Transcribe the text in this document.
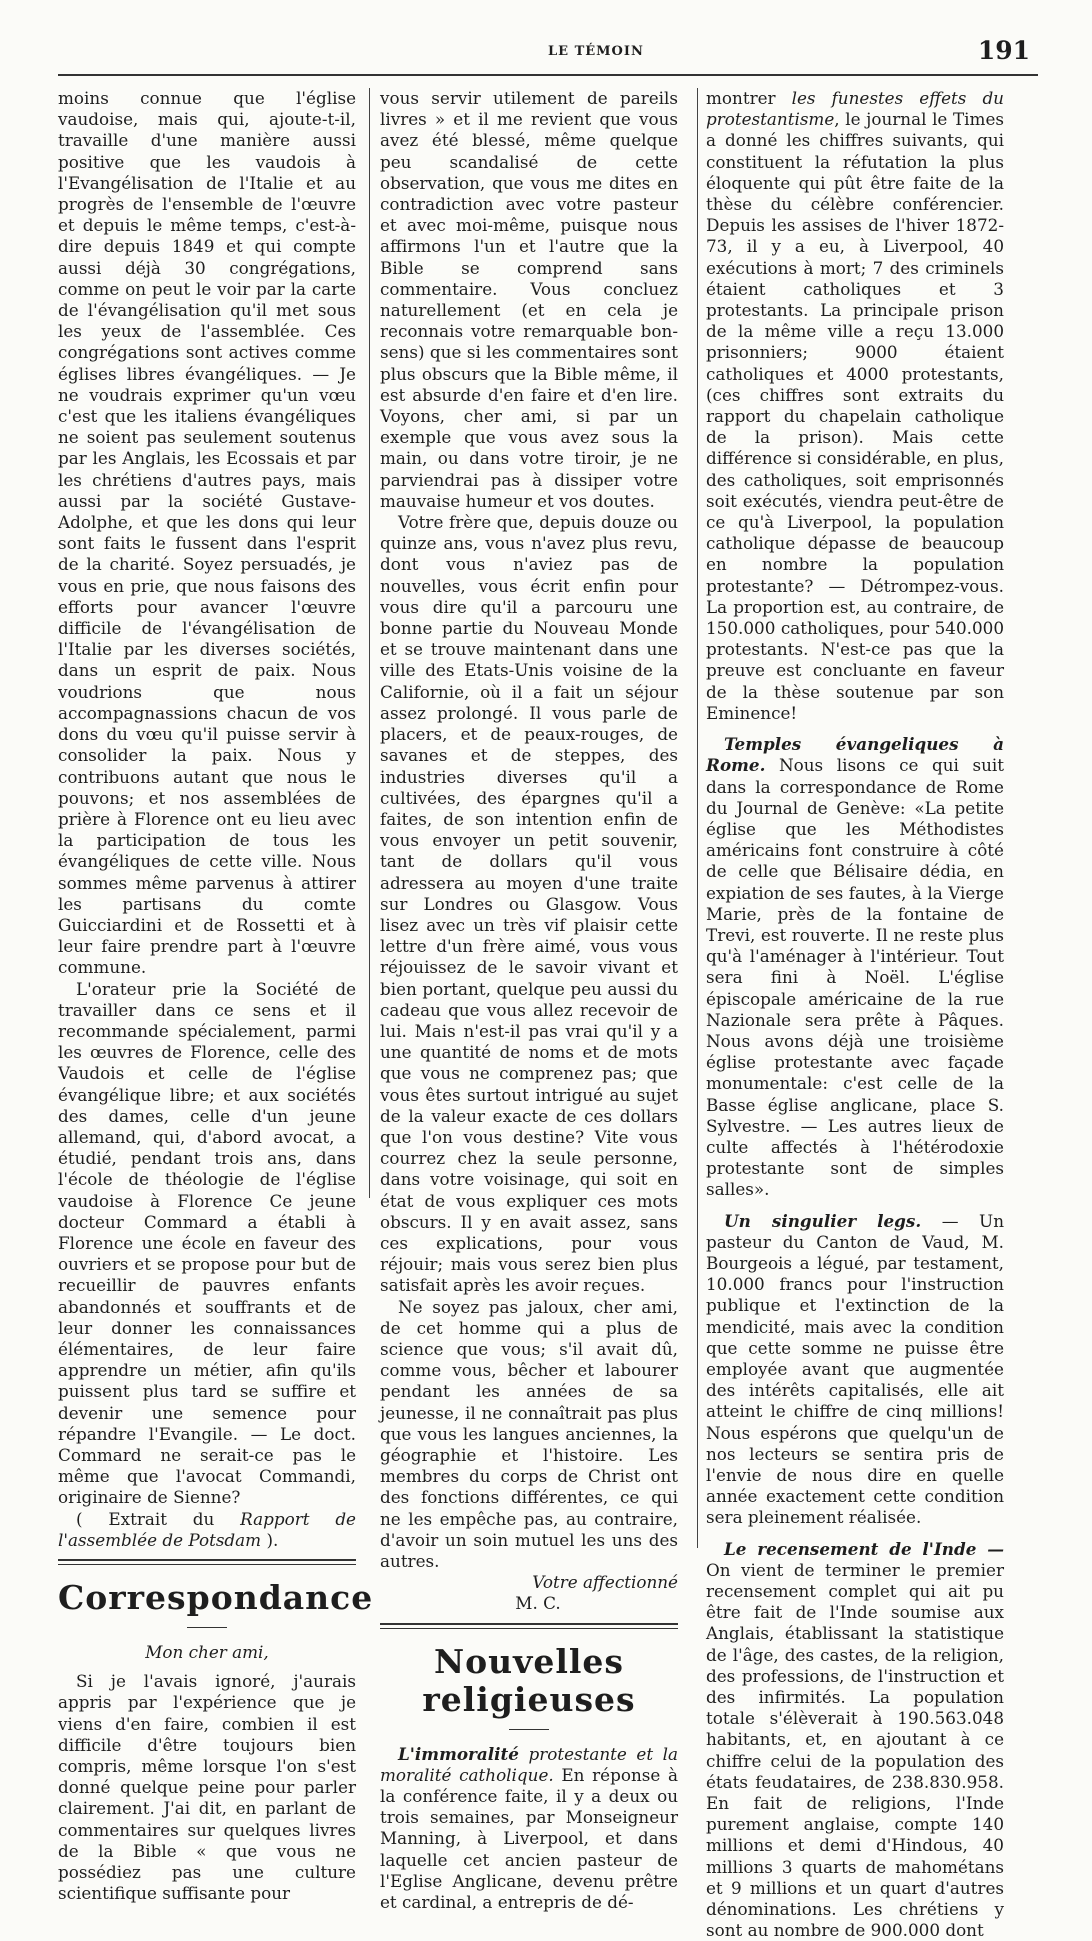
LE TÉMOIN	191

moins connue que l'église vaudoise, mais qui, ajoute-t-il, travaille d'une manière aussi positive que les vaudois à l'Evangélisation de l'Italie et au progrès de l'ensemble de l'œuvre et depuis le même temps, c'est-à-dire depuis 1849 et qui compte aussi déjà 30 congrégations, comme on peut le voir par la carte de l'évangélisation qu'il met sous les yeux de l'assemblée. Ces congrégations sont actives comme églises libres évangéliques. — Je ne voudrais exprimer qu'un vœu c'est que les italiens évangéliques ne soient pas seulement soutenus par les Anglais, les Ecossais et par les chrétiens d'autres pays, mais aussi par la société Gustave-Adolphe, et que les dons qui leur sont faits le fussent dans l'esprit de la charité. Soyez persuadés, je vous en prie, que nous faisons des efforts pour avancer l'œuvre difficile de l'évangélisation de l'Italie par les diverses sociétés, dans un esprit de paix. Nous voudrions que nous accompagnassions chacun de vos dons du vœu qu'il puisse servir à consolider la paix. Nous y contribuons autant que nous le pouvons; et nos assemblées de prière à Florence ont eu lieu avec la participation de tous les évangéliques de cette ville. Nous sommes même parvenus à attirer les partisans du comte Guicciardini et de Rossetti et à leur faire prendre part à l'œuvre commune.

L'orateur prie la Société de travailler dans ce sens et il recommande spécialement, parmi les œuvres de Florence, celle des Vaudois et celle de l'église évangélique libre; et aux sociétés des dames, celle d'un jeune allemand, qui, d'abord avocat, a étudié, pendant trois ans, dans l'école de théologie de l'église vaudoise à Florence Ce jeune docteur Commard a établi à Florence une école en faveur des ouvriers et se propose pour but de recueillir de pauvres enfants abandonnés et souffrants et de leur donner les connaissances élémentaires, de leur faire apprendre un métier, afin qu'ils puissent plus tard se suffire et devenir une semence pour répandre l'Evangile. — Le doct. Commard ne serait-ce pas le même que l'avocat Commandi, originaire de Sienne?

( Extrait du Rapport de l'assemblée de Potsdam ).

Correspondance
Mon cher ami,

Si je l'avais ignoré, j'aurais appris par l'expérience que je viens d'en faire, combien il est difficile d'être toujours bien compris, même lorsque l'on s'est donné quelque peine pour parler clairement. J'ai dit, en parlant de commentaires sur quelques livres de la Bible « que vous ne possédiez pas une culture scientifique suffisante pour

vous servir utilement de pareils livres » et il me revient que vous avez été blessé, même quelque peu scandalisé de cette observation, que vous me dites en contradiction avec votre pasteur et avec moi-même, puisque nous affirmons l'un et l'autre que la Bible se comprend sans commentaire. Vous concluez naturellement (et en cela je reconnais votre remarquable bon-sens) que si les commentaires sont plus obscurs que la Bible même, il est absurde d'en faire et d'en lire. Voyons, cher ami, si par un exemple que vous avez sous la main, ou dans votre tiroir, je ne parviendrai pas à dissiper votre mauvaise humeur et vos doutes.

Votre frère que, depuis douze ou quinze ans, vous n'avez plus revu, dont vous n'aviez pas de nouvelles, vous écrit enfin pour vous dire qu'il a parcouru une bonne partie du Nouveau Monde et se trouve maintenant dans une ville des Etats-Unis voisine de la Californie, où il a fait un séjour assez prolongé. Il vous parle de placers, et de peaux-rouges, de savanes et de steppes, des industries diverses qu'il a cultivées, des épargnes qu'il a faites, de son intention enfin de vous envoyer un petit souvenir, tant de dollars qu'il vous adressera au moyen d'une traite sur Londres ou Glasgow. Vous lisez avec un très vif plaisir cette lettre d'un frère aimé, vous vous réjouissez de le savoir vivant et bien portant, quelque peu aussi du cadeau que vous allez recevoir de lui. Mais n'est-il pas vrai qu'il y a une quantité de noms et de mots que vous ne comprenez pas; que vous êtes surtout intrigué au sujet de la valeur exacte de ces dollars que l'on vous destine? Vite vous courrez chez la seule personne, dans votre voisinage, qui soit en état de vous expliquer ces mots obscurs. Il y en avait assez, sans ces explications, pour vous réjouir; mais vous serez bien plus satisfait après les avoir reçues.

Ne soyez pas jaloux, cher ami, de cet homme qui a plus de science que vous; s'il avait dû, comme vous, bêcher et labourer pendant les années de sa jeunesse, il ne connaîtrait pas plus que vous les langues anciennes, la géographie et l'histoire. Les membres du corps de Christ ont des fonctions différentes, ce qui ne les empêche pas, au contraire, d'avoir un soin mutuel les uns des autres.

Votre affectionné

M. C.

Nouvelles religieuses

L'immoralité protestante et la moralité catholique. En réponse à la conférence faite, il y a deux ou trois semaines, par Monseigneur Manning, à Liverpool, et dans laquelle cet ancien pasteur de l'Eglise Anglicane, devenu prêtre et cardinal, a entrepris de dé-

montrer les funestes effets du protestantisme, le journal le Times a donné les chiffres suivants, qui constituent la réfutation la plus éloquente qui pût être faite de la thèse du célèbre conférencier. Depuis les assises de l'hiver 1872-73, il y a eu, à Liverpool, 40 exécutions à mort; 7 des criminels étaient catholiques et 3 protestants. La principale prison de la même ville a reçu 13.000 prisonniers; 9000 étaient catholiques et 4000 protestants, (ces chiffres sont extraits du rapport du chapelain catholique de la prison). Mais cette différence si considérable, en plus, des catholiques, soit emprisonnés soit exécutés, viendra peut-être de ce qu'à Liverpool, la population catholique dépasse de beaucoup en nombre la population protestante? — Détrompez-vous. La proportion est, au contraire, de 150.000 catholiques, pour 540.000 protestants. N'est-ce pas que la preuve est concluante en faveur de la thèse soutenue par son Eminence!

Temples évangeliques à Rome. Nous lisons ce qui suit dans la correspondance de Rome du Journal de Genève: «La petite église que les Méthodistes américains font construire à côté de celle que Bélisaire dédia, en expiation de ses fautes, à la Vierge Marie, près de la fontaine de Trevi, est rouverte. Il ne reste plus qu'à l'aménager à l'intérieur. Tout sera fini à Noël. L'église épiscopale américaine de la rue Nazionale sera prête à Pâques. Nous avons déjà une troisième église protestante avec façade monumentale: c'est celle de la Basse église anglicane, place S. Sylvestre. — Les autres lieux de culte affectés à l'hétérodoxie protestante sont de simples salles».

Un singulier legs. — Un pasteur du Canton de Vaud, M. Bourgeois a légué, par testament, 10.000 francs pour l'instruction publique et l'extinction de la mendicité, mais avec la condition que cette somme ne puisse être employée avant que augmentée des intérêts capitalisés, elle ait atteint le chiffre de cinq millions! Nous espérons que quelqu'un de nos lecteurs se sentira pris de l'envie de nous dire en quelle année exactement cette condition sera pleinement réalisée.

Le recensement de l'Inde — On vient de terminer le premier recensement complet qui ait pu être fait de l'Inde soumise aux Anglais, établissant la statistique de l'âge, des castes, de la religion, des professions, de l'instruction et des infirmités. La population totale s'élèverait à 190.563.048 habitants, et, en ajoutant à ce chiffre celui de la population des états feudataires, de 238.830.958. En fait de religions, l'Inde purement anglaise, compte 140 millions et demi d'Hindous, 40 millions 3 quarts de mahométans et 9 millions et un quart d'autres dénominations. Les chrétiens y sont au nombre de 900.000 dont
